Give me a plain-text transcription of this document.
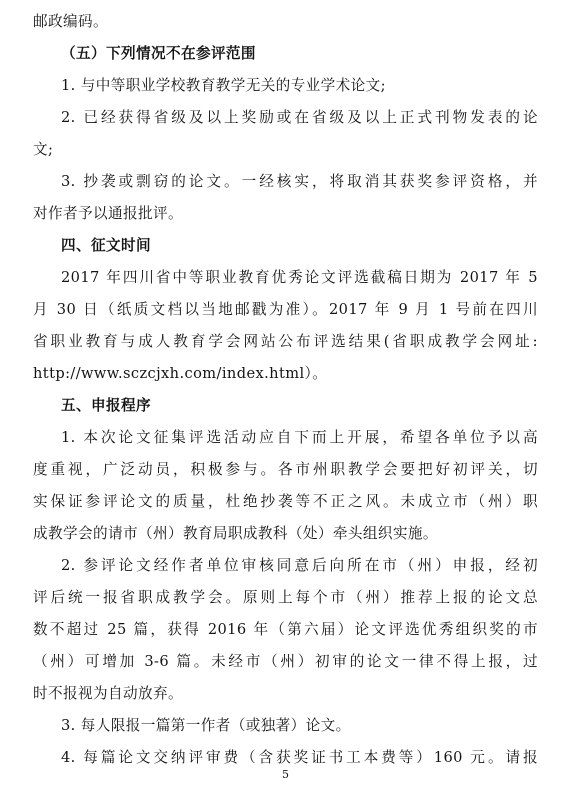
邮政编码。
（五）下列情况不在参评范围
1. 与中等职业学校教育教学无关的专业学术论文;
2. 已经获得省级及以上奖励或在省级及以上正式刊物发表的论
文;
3. 抄袭或剽窃的论文。一经核实，将取消其获奖参评资格，并
对作者予以通报批评。
四、征文时间
2017 年四川省中等职业教育优秀论文评选截稿日期为 2017 年 5
月 30 日（纸质文档以当地邮戳为准）。2017 年 9 月 1 号前在四川
省职业教育与成人教育学会网站公布评选结果(省职成教学会网址:
http://www.sczcjxh.com/index.html）。
五、申报程序
1. 本次论文征集评选活动应自下而上开展，希望各单位予以高
度重视，广泛动员，积极参与。各市州职教学会要把好初评关，切
实保证参评论文的质量，杜绝抄袭等不正之风。未成立市（州）职
成教学会的请市（州）教育局职成教科（处）牵头组织实施。
2. 参评论文经作者单位审核同意后向所在市（州）申报，经初
评后统一报省职成教学会。原则上每个市（州）推荐上报的论文总
数不超过 25 篇，获得 2016 年（第六届）论文评选优秀组织奖的市
（州）可增加 3-6 篇。未经市（州）初审的论文一律不得上报，过
时不报视为自动放弃。
3. 每人限报一篇第一作者（或独著）论文。
5
4. 每篇论文交纳评审费（含获奖证书工本费等）160 元。请报
